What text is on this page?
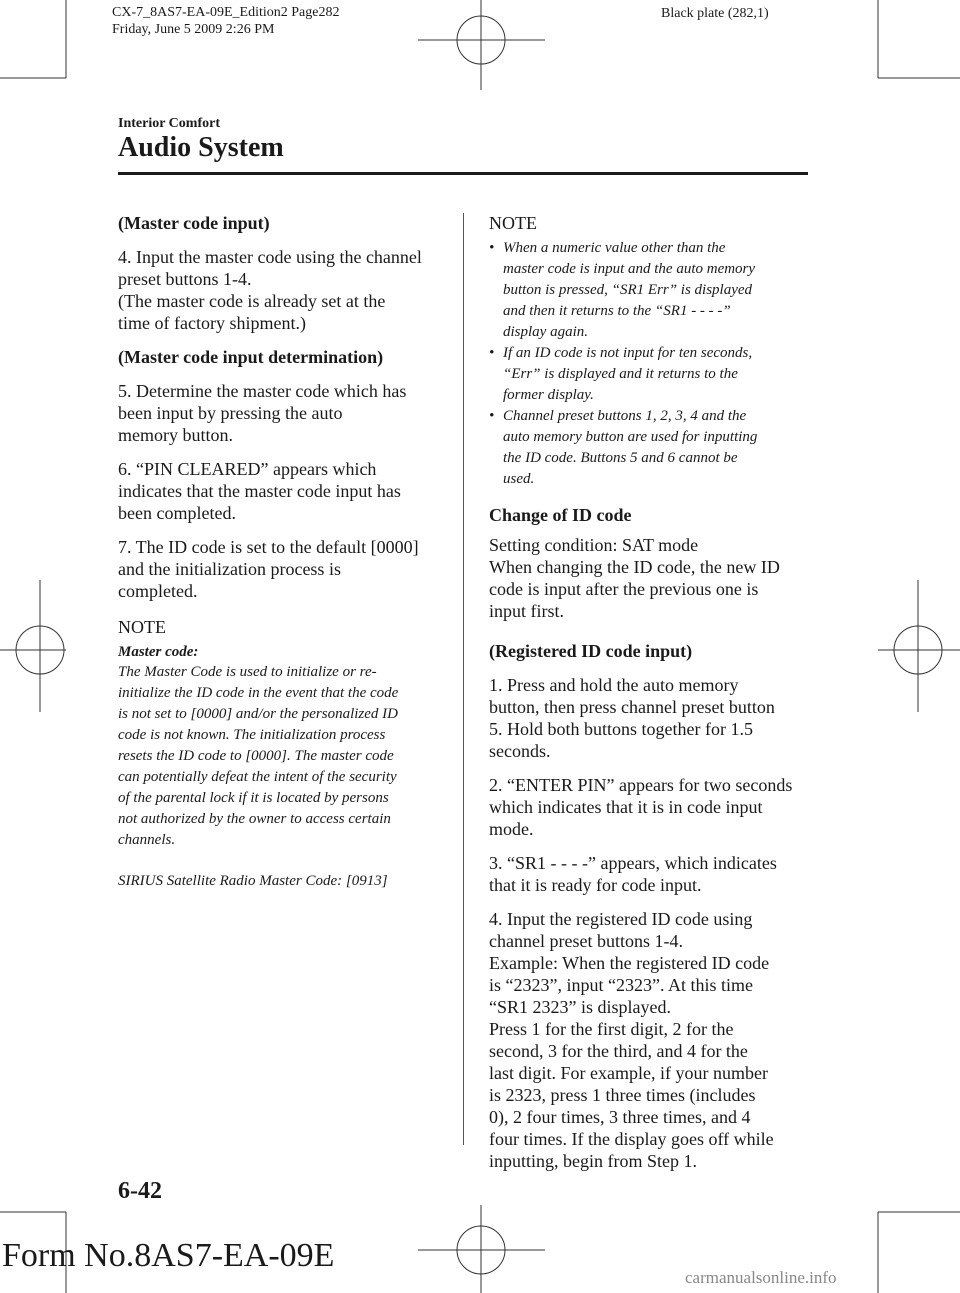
CX-7_8AS7-EA-09E_Edition2 Page282
Friday, June 5 2009 2:26 PM
Black plate (282,1)
Interior Comfort
Audio System

(Master code input)

4. Input the master code using the channel
preset buttons 1-4.
(The master code is already set at the
time of factory shipment.)

(Master code input determination)

5. Determine the master code which has
been input by pressing the auto
memory button.

6. “PIN CLEARED” appears which
indicates that the master code input has
been completed.

7. The ID code is set to the default [0000]
and the initialization process is
completed.

NOTE

Master code:

The Master Code is used to initialize or re-
initialize the ID code in the event that the code
is not set to [0000] and/or the personalized ID
code is not known. The initialization process
resets the ID code to [0000]. The master code
can potentially defeat the intent of the security
of the parental lock if it is located by persons
not authorized by the owner to access certain
channels.

SIRIUS Satellite Radio Master Code: [0913]

NOTE

• When a numeric value other than the
master code is input and the auto memory
button is pressed, “SR1 Err” is displayed
and then it returns to the “SR1 - - - -”
display again.
• If an ID code is not input for ten seconds,
“Err” is displayed and it returns to the
former display.
• Channel preset buttons 1, 2, 3, 4 and the
auto memory button are used for inputting
the ID code. Buttons 5 and 6 cannot be
used.

Change of ID code

Setting condition: SAT mode
When changing the ID code, the new ID
code is input after the previous one is
input first.

(Registered ID code input)

1. Press and hold the auto memory
button, then press channel preset button
5. Hold both buttons together for 1.5
seconds.

2. “ENTER PIN” appears for two seconds
which indicates that it is in code input
mode.

3. “SR1 - - - -” appears, which indicates
that it is ready for code input.

4. Input the registered ID code using
channel preset buttons 1-4.
Example: When the registered ID code
is “2323”, input “2323”. At this time
“SR1 2323” is displayed.
Press 1 for the first digit, 2 for the
second, 3 for the third, and 4 for the
last digit. For example, if your number
is 2323, press 1 three times (includes
0), 2 four times, 3 three times, and 4
four times. If the display goes off while
inputting, begin from Step 1.

6-42
Form No.8AS7-EA-09E
carmanualsonline.info
